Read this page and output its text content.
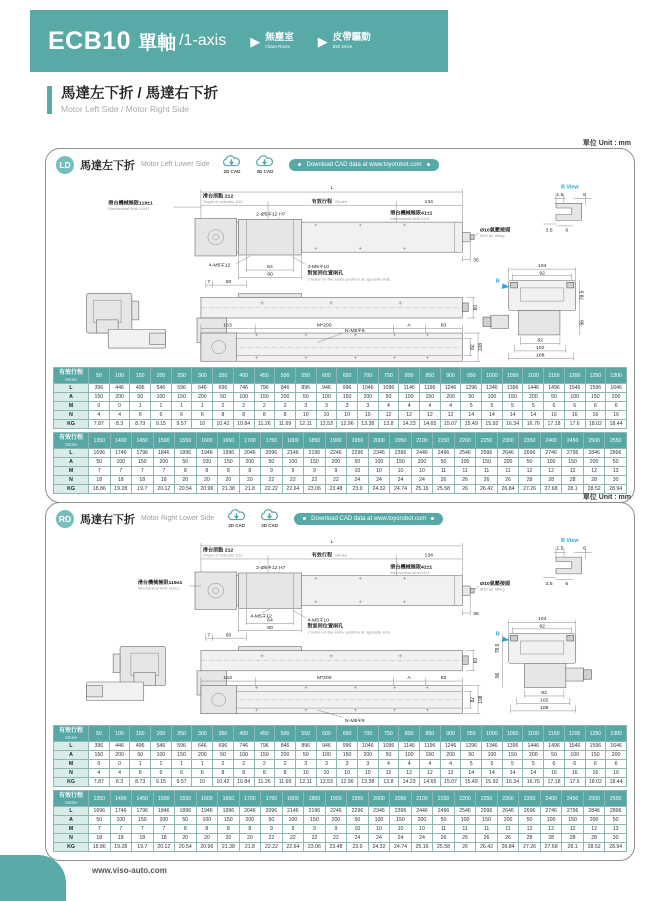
ECB10 單軸 /1-axis ▶ 無塵室
Clean Room ▶ 皮帶驅動
Belt Drive
馬達左下折 / 馬達右下折
Motor Left Side / Motor Right Side
單位 Unit : mm
LD 馬達左下折 Motor Left Lower Side
2D CAD	3D CAD
Download CAD data at www.toyorobot.com
L
滑台原點 212
Origin of actuator:212	有效行程 Stroke	134
滑台機械極限119±1
Mechanical limit:119±1
2-Ø5∓12 H7	滑台機械極限41±1
Mechanical limit:41±1
Ø10氣壓接頭
Ø10 air fitting
35
4-M5∓12	64
80
4-M5∓10
對面同位置兩孔
2 holes on the same position at opposite side.
7	50
60
104
92
B
78.5
56
82
102
108
B View
1.5	6
3.5 6
163	M*200	A	83
N-M5∓9
82 108
有效行程
Stroke	50	100	150	200	250	300	350	400	450	500	550	600	650	700	750	800	850	900	950	1000	1050	1100	1150	1200	1250	1300
L	396	446	496	546	596	646	696	746	796	846	896	946	996	1046	1096	1146	1196	1246	1296	1346	1396	1446	1496	1546	1596	1646
A	150	200	50	100	150	200	50	100	150	200	50	100	150	200	50	100	150	200	50	100	150	200	50	100	150	200
M	0	0	1	1	1	1	2	2	2	2	3	3	3	3	4	4	4	4	5	5	5	5	6	6	6	6
N	4	4	6	6	6	6	8	8	8	8	10	10	10	10	12	12	12	12	14	14	14	14	16	16	16	16
KG	7.87	8.3	8.73	9.15	9.57	10	10.42	10.84	11.26	11.69	12.11	12.53	12.96	13.38	13.8	14.23	14.65	15.07	15.49	15.92	16.34	16.76	17.18	17.6	18.02	18.44
有效行程
Stroke	1350	1400	1450	1500	1550	1600	1650	1700	1750	1800	1850	1900	1950	2000	2050	2100	2150	2200	2250	2300	2350	2400	2450	2500	2550
L	1696	1746	1796	1846	1896	1946	1996	2046	2096	2146	2196	2246	2296	2346	2396	2446	2496	2546	2596	2646	2696	2746	2796	2846	2896
A	50	100	150	200	50	100	150	200	50	100	150	200	50	100	150	200	50	100	150	200	50	100	150	200	50
M	7	7	7	7	8	8	8	8	9	9	9	9	10	10	10	10	11	11	11	11	12	12	12	12	13
N	18	18	18	18	20	20	20	20	22	22	22	22	24	24	24	24	26	26	26	26	28	28	28	28	30
KG	18.86	19.28	19.7	20.12	20.54	20.96	21.38	21.8	22.22	22.64	23.06	23.48	23.9	24.32	24.74	25.16	25.58	26	26.42	26.84	27.26	27.68	28.1	28.52	28.94
單位 Unit : mm
RD 馬達右下折 Motor Right Lower Side
2D CAD	3D CAD
Download CAD data at www.toyorobot.com
L
滑台原點 212
Origin of actuator:212	有效行程 Stroke	134
2-Ø5∓12 H7	滑台機械極限41±1
Mechanical limit:41±1
Ø10氣壓接頭
Ø10 air fitting
35
滑台機械極限119±1
Mechanical limit:119±1
4-M5∓12
64
80
4-M5∓10
對面同位置兩孔
2 holes on the same position at opposite side.
7	50
60
104
92
B
78.5
56
82
102
108
B View
1.5	6
3.5 6
163	M*200	A	83
N-M5∓9
82 108
有效行程
Stroke	50	100	150	200	250	300	350	400	450	500	550	600	650	700	750	800	850	900	950	1000	1050	1100	1150	1200	1250	1300
L	396	446	496	546	596	646	696	746	796	846	896	946	996	1046	1096	1146	1196	1246	1296	1346	1396	1446	1496	1546	1596	1646
A	150	200	50	100	150	200	50	100	150	200	50	100	150	200	50	100	150	200	50	100	150	200	50	100	150	200
M	0	0	1	1	1	1	2	2	2	2	3	3	3	3	4	4	4	4	5	5	5	5	6	6	6	6
N	4	4	6	6	6	6	8	8	8	8	10	10	10	10	12	12	12	12	14	14	14	14	16	16	16	16
KG	7.87	8.3	8.73	9.15	9.57	10	10.42	10.84	11.26	11.69	12.11	12.53	12.96	13.38	13.8	14.23	14.65	15.07	15.49	15.92	16.34	16.76	17.18	17.6	18.02	18.44
有效行程
Stroke	1350	1400	1450	1500	1550	1600	1650	1700	1750	1800	1850	1900	1950	2000	2050	2100	2150	2200	2250	2300	2350	2400	2450	2500	2550
L	1696	1746	1796	1846	1896	1946	1996	2046	2096	2146	2196	2246	2296	2346	2396	2446	2496	2546	2596	2646	2696	2746	2796	2846	2896
A	50	100	150	200	50	100	150	200	50	100	150	200	50	100	150	200	50	100	150	200	50	100	150	200	50
M	7	7	7	7	8	8	8	8	9	9	9	9	10	10	10	10	11	11	11	11	12	12	12	12	13
N	18	18	18	18	20	20	20	20	22	22	22	22	24	24	24	24	26	26	26	26	28	28	28	28	30
KG	18.86	19.28	19.7	20.12	20.54	20.96	21.38	21.8	22.22	22.64	23.06	23.48	23.9	24.32	24.74	25.16	25.58	26	26.42	26.84	27.26	27.68	28.1	28.52	28.94
www.viso-auto.com
